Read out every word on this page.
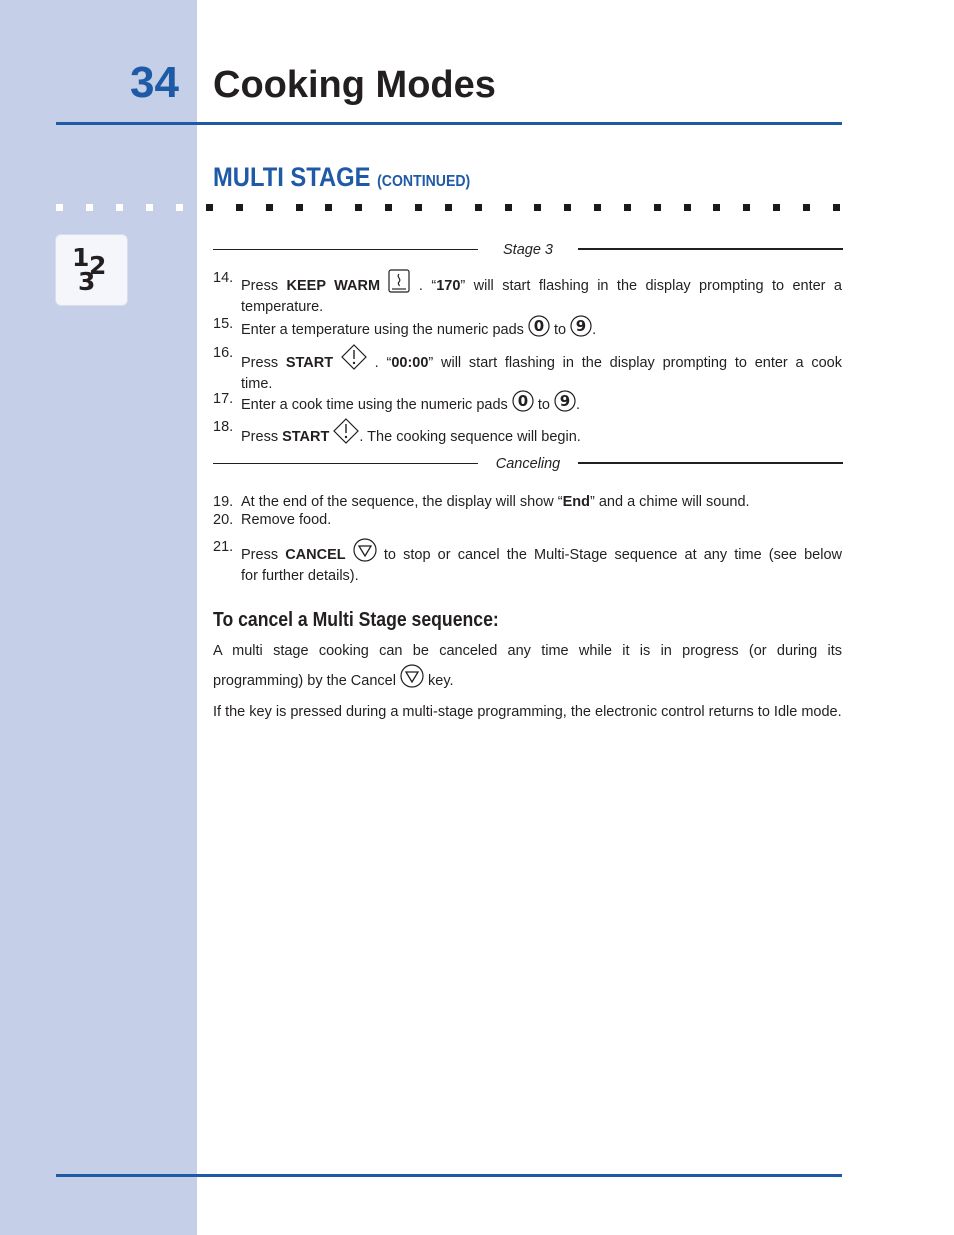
34 Cooking Modes
MULTI STAGE (CONTINUED)
1 2
3
Stage 3
14. Press KEEP WARM  . “170” will start flashing in the display prompting to enter a
temperature.
15. Enter a temperature using the numeric pads 0 to 9 .
16.
Press START  . “00:00” will start flashing in the display prompting to enter a cook
time.
17. Enter a cook time using the numeric pads 0 to 9 .
18.
Press START . The cooking sequence will begin.
Canceling
19. At the end of the sequence, the display will show “End” and a chime will sound.
20. Remove food.
21. Press CANCEL  to stop or cancel the Multi-Stage sequence at any time (see below
for further details).
To cancel a Multi Stage sequence:
A multi stage cooking can be canceled any time while it is in progress (or during its
programming) by the Cancel  key.
If the key is pressed during a multi-stage programming, the electronic control returns to Idle mode.
